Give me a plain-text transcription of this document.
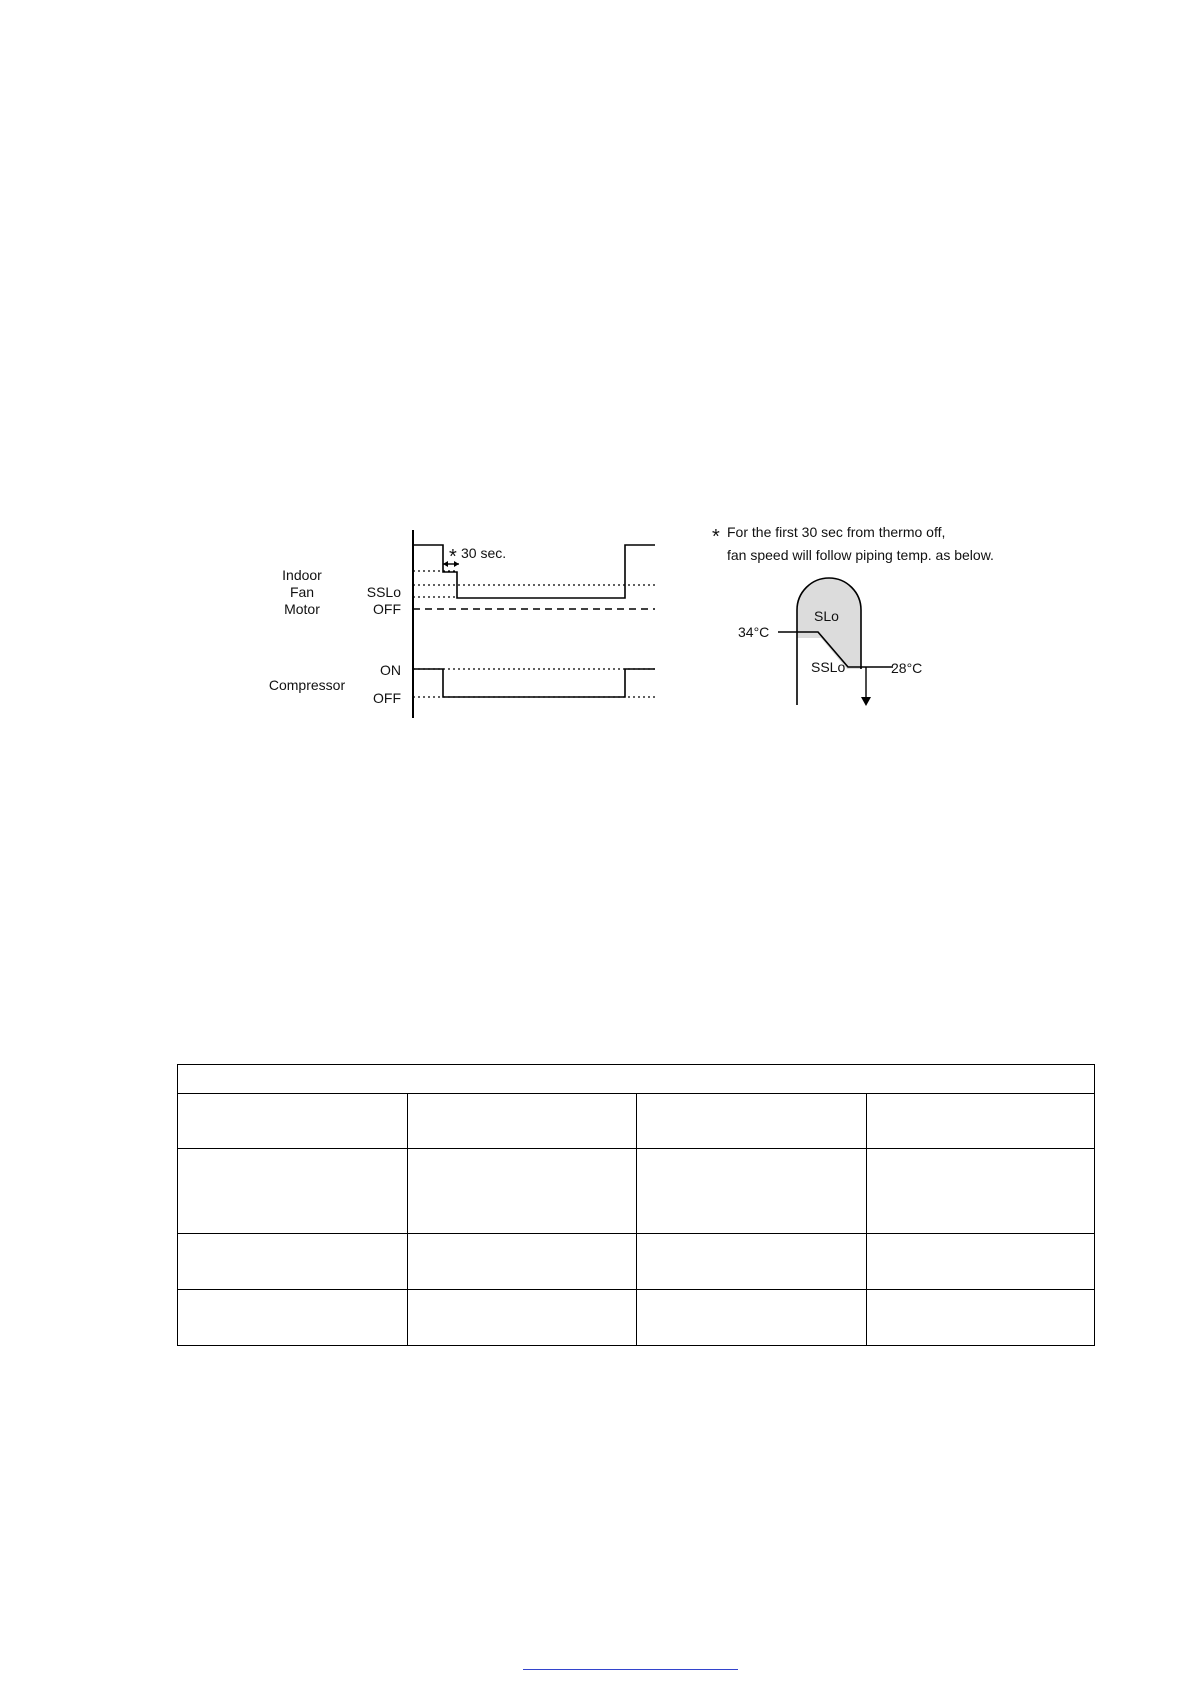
Indoor
Fan
Motor
SSLo
OFF
Compressor
ON
OFF
* 30 sec.
SLo
SSLo
34°C
28°C
* For the first 30 sec from thermo off,
fan speed will follow piping temp. as below.
